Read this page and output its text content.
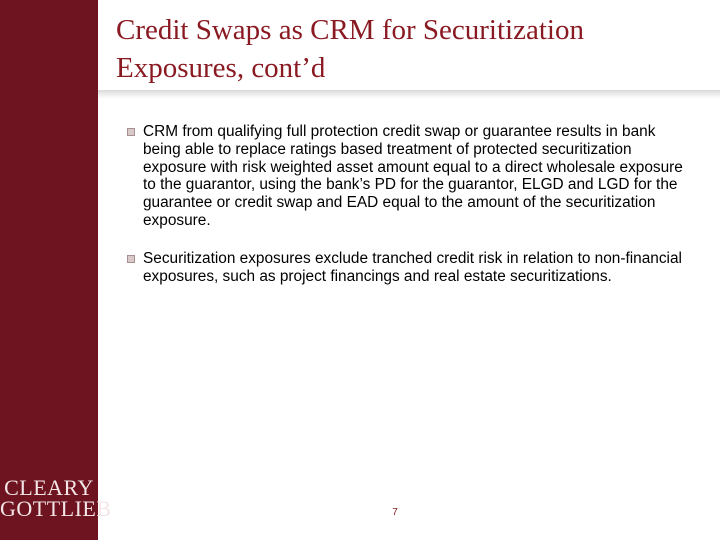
Credit Swaps as CRM for Securitization
Exposures, cont’d
CRM from qualifying full protection credit swap or guarantee results in bank being able to replace ratings based treatment of protected securitization exposure with risk weighted asset amount equal to a direct wholesale exposure to the guarantor, using the bank’s PD for the guarantor, ELGD and LGD for the guarantee or credit swap and EAD equal to the amount of the securitization exposure.
Securitization exposures exclude tranched credit risk in relation to non-financial exposures, such as project financings and real estate securitizations.
CLEARY
GOTTLIEB	7
